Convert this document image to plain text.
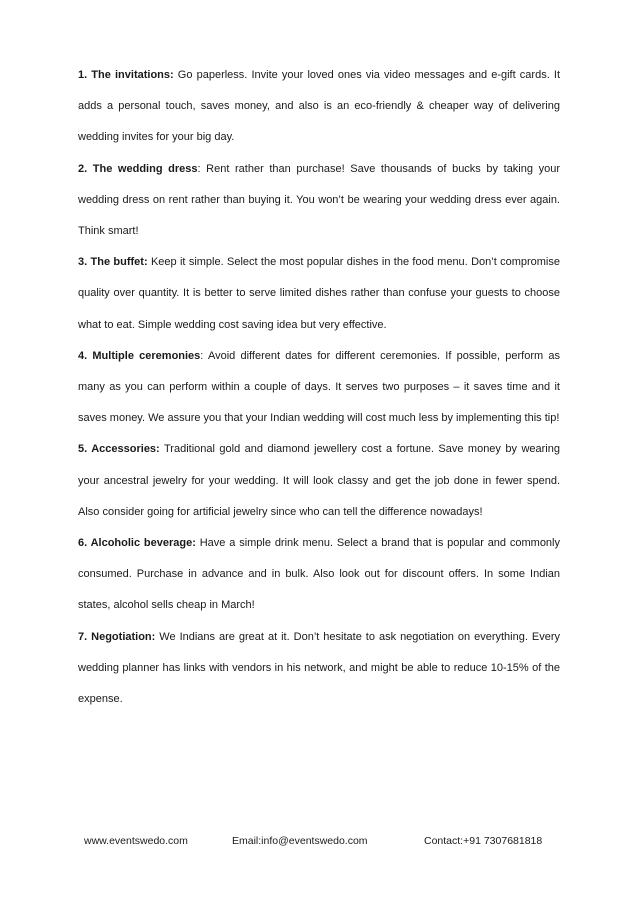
1. The invitations: Go paperless. Invite your loved ones via video messages and e-gift cards. It adds a personal touch, saves money, and also is an eco-friendly & cheaper way of delivering wedding invites for your big day.

2. The wedding dress: Rent rather than purchase! Save thousands of bucks by taking your wedding dress on rent rather than buying it. You won’t be wearing your wedding dress ever again. Think smart!

3. The buffet: Keep it simple. Select the most popular dishes in the food menu. Don’t compromise quality over quantity. It is better to serve limited dishes rather than confuse your guests to choose what to eat. Simple wedding cost saving idea but very effective.

4. Multiple ceremonies: Avoid different dates for different ceremonies. If possible, perform as many as you can perform within a couple of days. It serves two purposes – it saves time and it saves money. We assure you that your Indian wedding will cost much less by implementing this tip!

5. Accessories: Traditional gold and diamond jewellery cost a fortune. Save money by wearing your ancestral jewelry for your wedding. It will look classy and get the job done in fewer spend. Also consider going for artificial jewelry since who can tell the difference nowadays!

6. Alcoholic beverage: Have a simple drink menu. Select a brand that is popular and commonly consumed. Purchase in advance and in bulk. Also look out for discount offers. In some Indian states, alcohol sells cheap in March!

7. Negotiation: We Indians are great at it. Don’t hesitate to ask negotiation on everything. Every wedding planner has links with vendors in his network, and might be able to reduce 10-15% of the expense.

www.eventswedo.com	Email:info@eventswedo.com	Contact:+91 7307681818
